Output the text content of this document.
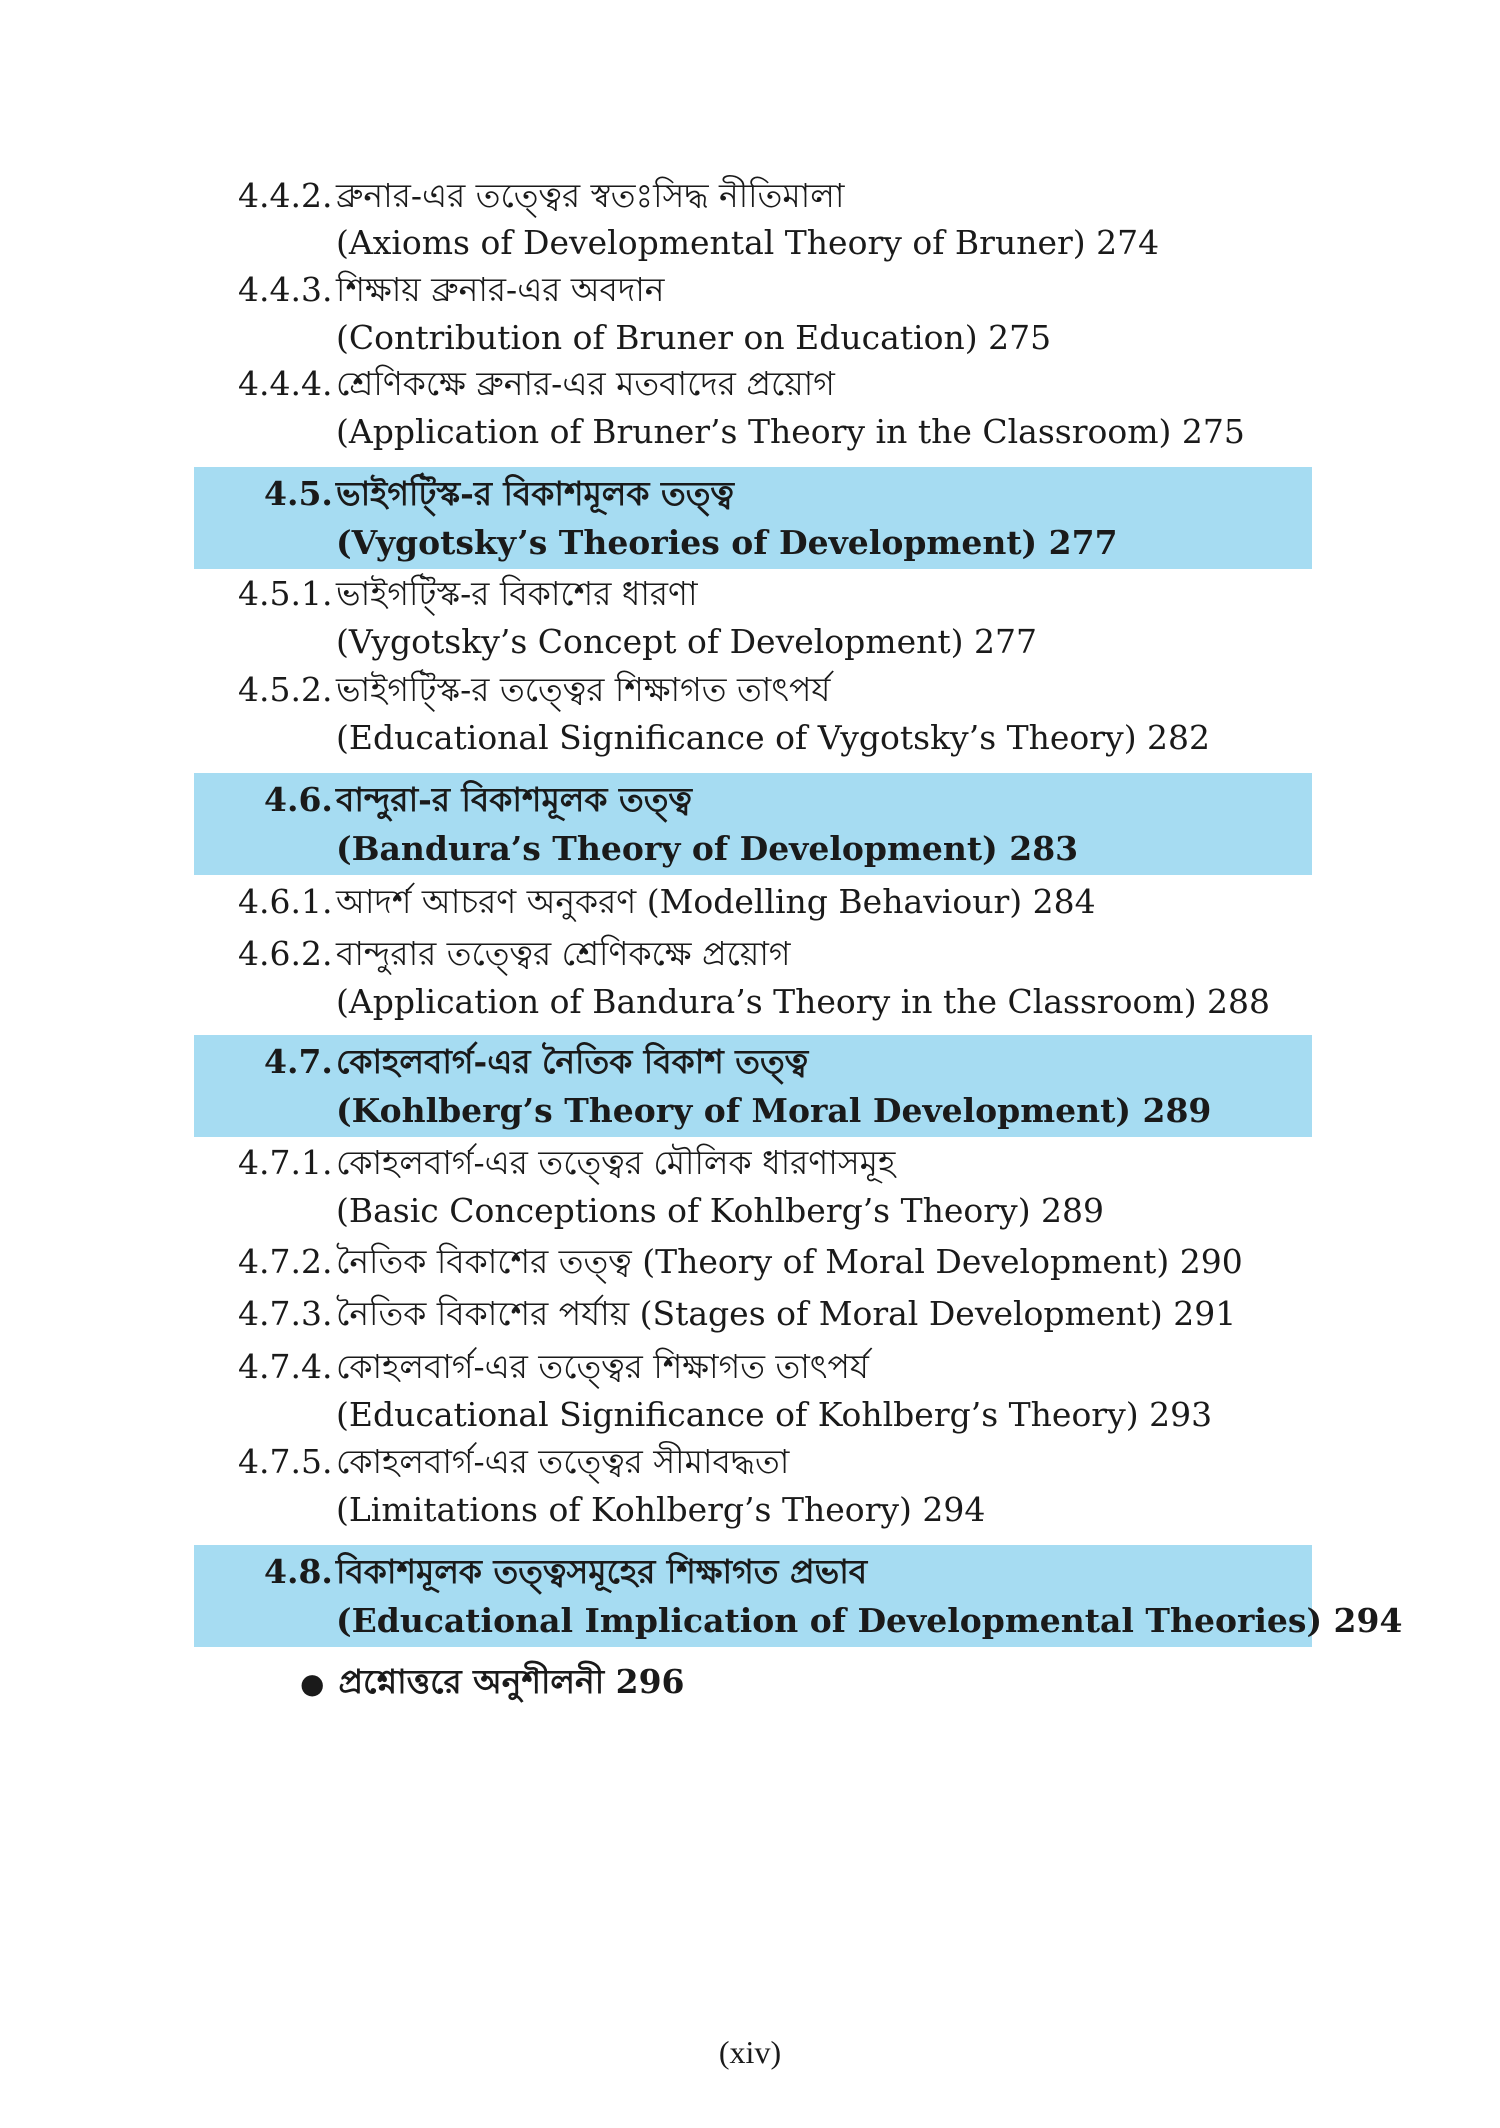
4.4.2. ব্রুনার-এর তত্ত্বের স্বতঃসিদ্ধ নীতিমালা
(Axioms of Developmental Theory of Bruner) 274
4.4.3. শিক্ষায় ব্রুনার-এর অবদান
(Contribution of Bruner on Education) 275
4.4.4. শ্রেণিকক্ষে ব্রুনার-এর মতবাদের প্রয়োগ
(Application of Bruner’s Theory in the Classroom) 275
4.5.ভাইগট্স্কি-র বিকাশমূলক তত্ত্ব
(Vygotsky’s Theories of Development) 277
4.5.1. ভাইগট্স্কি-র বিকাশের ধারণা
(Vygotsky’s Concept of Development) 277
4.5.2. ভাইগট্স্কি-র তত্ত্বের শিক্ষাগত তাৎপর্য
(Educational Significance of Vygotsky’s Theory) 282
4.6.বান্দুরা-র বিকাশমূলক তত্ত্ব
(Bandura’s Theory of Development) 283
4.6.1. আদর্শ আচরণ অনুকরণ (Modelling Behaviour) 284
4.6.2. বান্দুরার তত্ত্বের শ্রেণিকক্ষে প্রয়োগ
(Application of Bandura’s Theory in the Classroom) 288
4.7.কোহলবার্গ-এর নৈতিক বিকাশ তত্ত্ব
(Kohlberg’s Theory of Moral Development) 289
4.7.1. কোহলবার্গ-এর তত্ত্বের মৌলিক ধারণাসমূহ
(Basic Conceptions of Kohlberg’s Theory) 289
4.7.2. নৈতিক বিকাশের তত্ত্ব (Theory of Moral Development) 290
4.7.3. নৈতিক বিকাশের পর্যায় (Stages of Moral Development) 291
4.7.4. কোহলবার্গ-এর তত্ত্বের শিক্ষাগত তাৎপর্য
(Educational Significance of Kohlberg’s Theory) 293
4.7.5. কোহলবার্গ-এর তত্ত্বের সীমাবদ্ধতা
(Limitations of Kohlberg’s Theory) 294
4.8.বিকাশমূলক তত্ত্বসমূহের শিক্ষাগত প্রভাব
(Educational Implication of Developmental Theories) 294
● প্রশ্নোত্তরে অনুশীলনী 296
(xiv)
